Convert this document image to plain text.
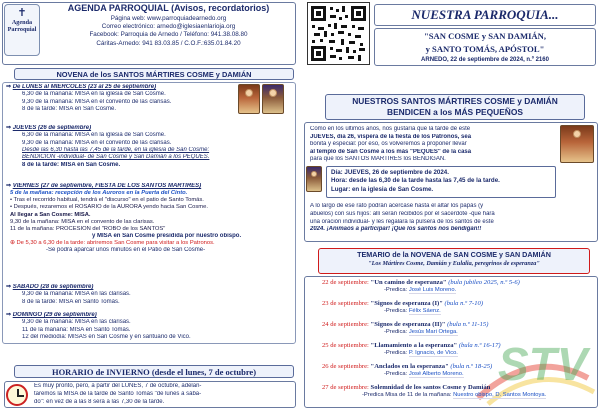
✝
Agenda
Parroquial
AGENDA PARROQUIAL (Avisos, recordatorios)
Página web: www.parroquiadearnedo.org
Correo electrónico: arnedo@iglesiaenlarioja.org
Facebook: Parroquia de Arnedo / Teléfono: 941.38.08.80
Cáritas-Arnedo: 941 83.03.85 / C.O.F.:635.01.84.20
NOVENA de los SANTOS MÁRTIRES COSME y DAMIÁN
⇒ De LUNES al MIÉRCOLES (23 al 25 de septiembre)
6,30 de la mañana: MISA en la iglesia de San Cosme.
9,30 de la mañana: MISA en el convento de las clarisas.
8 de la tarde: MISA en San Cosme.
⇒ JUEVES (26 de septiembre)
6,30 de la mañana: MISA en la iglesia de San Cosme.
9,30 de la mañana: MISA en el convento de las clarisas.
Desde las 6,30 hasta las 7,45 de la tarde, en la iglesia de San Cosme:
BENDICIÓN -individual- de San Cosme y San Damián a los PEQUES.
8 de la tarde: MISA en San Cosme.
⇒ VIERNES (27 de septiembre, FIESTA DE LOS SANTOS MÁRTIRES)
5 de la mañana: recepción de los Auroros en la Puerta del Cinto.
• Tras el recorrido habitual, tendrá el "discurso" en el patio de Santo Tomás.
• Después, rezaremos el ROSARIO de la AURORA yendo hacia San Cosme.
Al llegar a San Cosme: MISA.
9,30 de la mañana: MISA en el convento de las clarisas.
11 de la mañana: PROCESIÓN del "ROBO de los SANTOS"
y MISA en San Cosme presidida por nuestro obispo.
⊕ De 5,30 a 6,30 de la tarde: abriremos San Cosme para visitar a los Patronos.
-Se podrá aparcar unos minutos en el Patio de San Cosme-
⇒ SÁBADO (28 de septiembre)
9,30 de la mañana: MISA en las clarisas.
8 de la tarde: MISA en Santo Tomás.
⇒ DOMINGO (29 de septiembre)
9,30 de la mañana: MISA en las clarisas.
11 de la mañana: MISA en Santo Tomás.
12 del mediodía: MISAS en San Cosme y en santuario de Vico.
HORARIO de INVIERNO (desde el lunes, 7 de octubre)
Es muy pronto, pero, a partir del LUNES, 7 de octubre, adelan-
taremos la MISA de la tarde de Santo Tomás "de lunes a sába-
do": en vez de a las 8 será a las 7,30 de la tarde.
NUESTRA PARROQUIA...
"SAN COSME y SAN DAMIÁN,
y SANTO TOMÁS, APÓSTOL"
ARNEDO, 22 de septiembre de 2024, n.º 2160
NUESTROS SANTOS MÁRTIRES COSME y DAMIÁN
BENDICEN a los MÁS PEQUEÑOS
Como en los últimos años, nos gustaría que la tarde de este
JUEVES, día 26, víspera de la fiesta de los Patronos, sea
bonita y especial: por eso, os volveremos a proponer llevar
al templo de San Cosme a los más "PEQUES" de la casa
para que los SANTOS MÁRTIRES los BENDIGAN.
Día: JUEVES, 26 de septiembre de 2024.
Hora: desde las 6,30 de la tarde hasta las 7,45 de la tarde.
Lugar: en la iglesia de San Cosme.
A lo largo de ese rato podrán acercase hasta el altar los papás (y
abuelos) con sus hijos: allí serán recibidos por el sacerdote -que hará
una oración individual- y les regalará la pulsera de los santos de este
2024. ¡Animaos a participar! ¡Que los santos nos bendigan!!
TEMARIO de la NOVENA de SAN COSME y SAN DAMIÁN
"Los Mártires Cosme, Damián y Eulalia, peregrinos de esperanza"
STV
22 de septiembre: "Un camino de esperanza" (bula jubileo 2025, n.º 5-6)
-Predica: José Luis Moreno.
23 de septiembre: "Signos de esperanza (I)" (bula n.º 7-10)
-Predica: Félix Sáenz.
24 de septiembre: "Signos de esperanza (II)" (bula n.º 11-15)
-Predica: Jesús Mari Ortega.
25 de septiembre: "Llamamiento a la esperanza" (bula n.º 16-17)
-Predica: P. Ignacio, de Vico.
26 de septiembre: "Anclados en la esperanza" (bula n.º 18-25)
-Predica: José Alberto Moreno.
27 de septiembre: Solemnidad de los santos Cosme y Damián
-Predica Misa de 11 de la mañana: Nuestro obispo, D. Santos Montoya.
